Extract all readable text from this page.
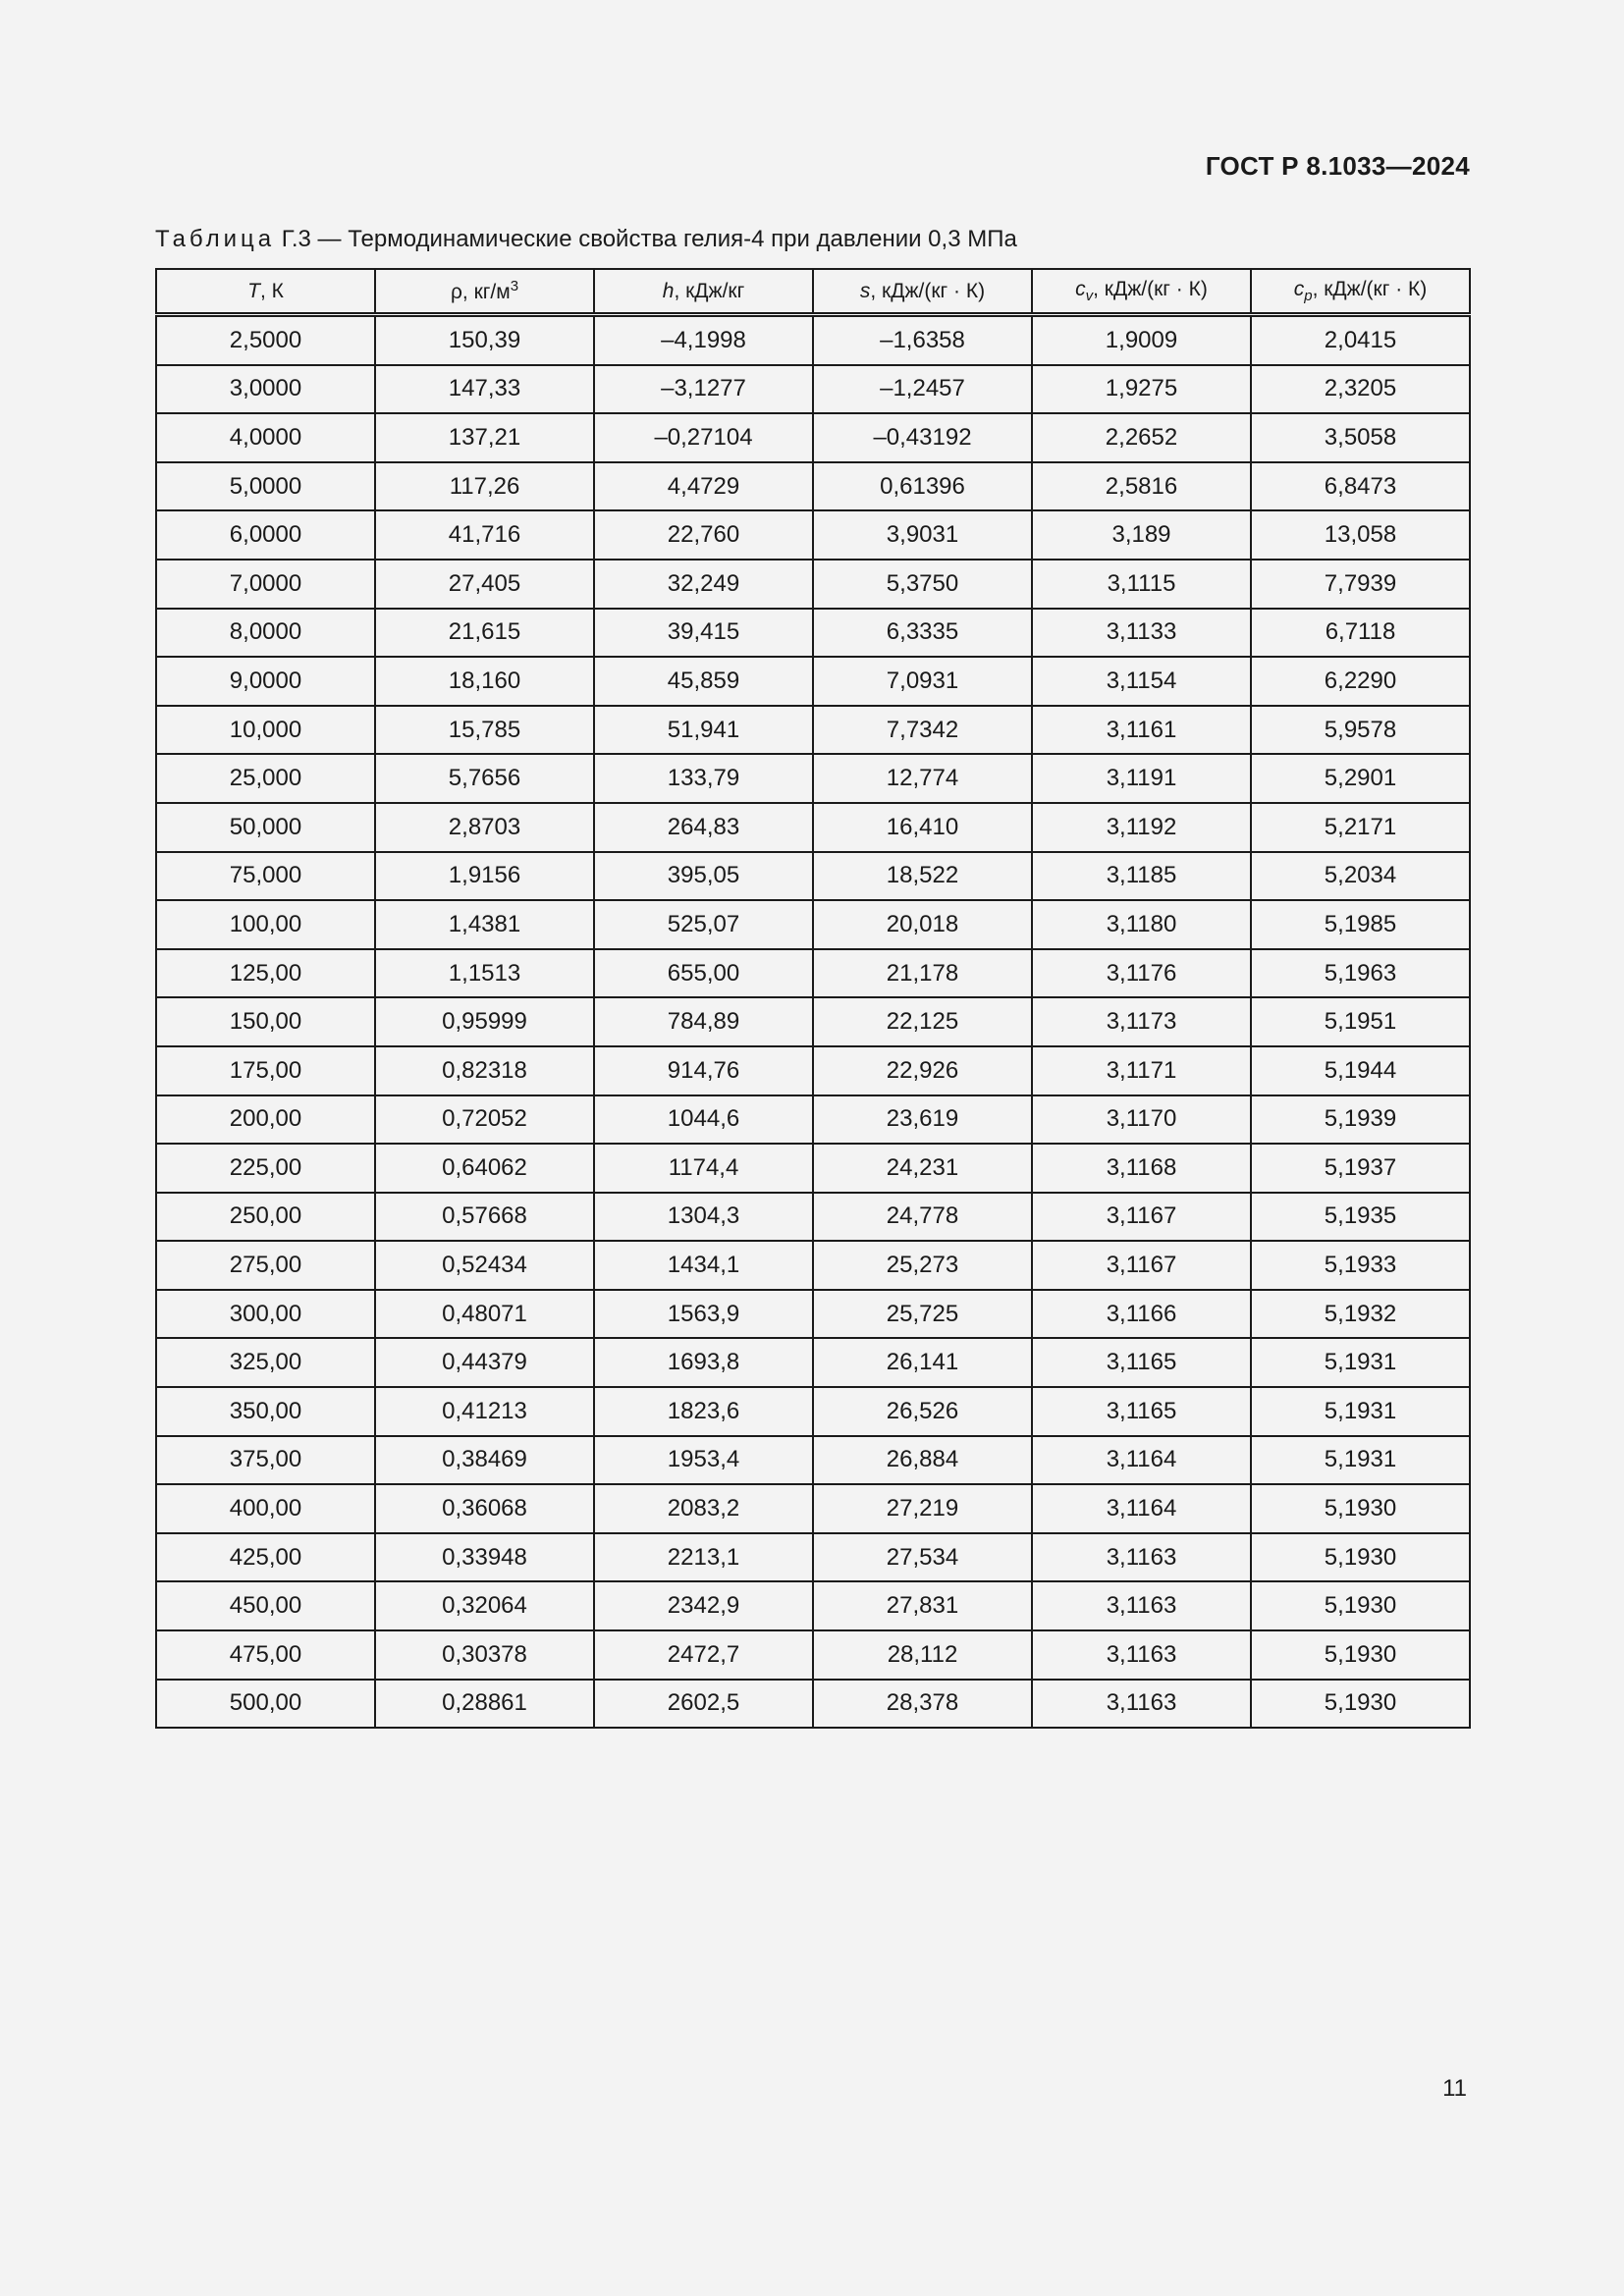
ГОСТ Р 8.1033—2024
Таблица Г.3 — Термодинамические свойства гелия-4 при давлении 0,3 МПа
T, К	ρ, $кг/м^3$	h, кДж/кг	s, кДж/(кг · К)	$c_v$, кДж/(кг · К)	$c_p$, кДж/(кг · К)
2,5000	150,39	–4,1998	–1,6358	1,9009	2,0415
3,0000	147,33	–3,1277	–1,2457	1,9275	2,3205
4,0000	137,21	–0,27104	–0,43192	2,2652	3,5058
5,0000	117,26	4,4729	0,61396	2,5816	6,8473
6,0000	41,716	22,760	3,9031	3,189	13,058
7,0000	27,405	32,249	5,3750	3,1115	7,7939
8,0000	21,615	39,415	6,3335	3,1133	6,7118
9,0000	18,160	45,859	7,0931	3,1154	6,2290
10,000	15,785	51,941	7,7342	3,1161	5,9578
25,000	5,7656	133,79	12,774	3,1191	5,2901
50,000	2,8703	264,83	16,410	3,1192	5,2171
75,000	1,9156	395,05	18,522	3,1185	5,2034
100,00	1,4381	525,07	20,018	3,1180	5,1985
125,00	1,1513	655,00	21,178	3,1176	5,1963
150,00	0,95999	784,89	22,125	3,1173	5,1951
175,00	0,82318	914,76	22,926	3,1171	5,1944
200,00	0,72052	1044,6	23,619	3,1170	5,1939
225,00	0,64062	1174,4	24,231	3,1168	5,1937
250,00	0,57668	1304,3	24,778	3,1167	5,1935
275,00	0,52434	1434,1	25,273	3,1167	5,1933
300,00	0,48071	1563,9	25,725	3,1166	5,1932
325,00	0,44379	1693,8	26,141	3,1165	5,1931
350,00	0,41213	1823,6	26,526	3,1165	5,1931
375,00	0,38469	1953,4	26,884	3,1164	5,1931
400,00	0,36068	2083,2	27,219	3,1164	5,1930
425,00	0,33948	2213,1	27,534	3,1163	5,1930
450,00	0,32064	2342,9	27,831	3,1163	5,1930
475,00	0,30378	2472,7	28,112	3,1163	5,1930
500,00	0,28861	2602,5	28,378	3,1163	5,1930
11
